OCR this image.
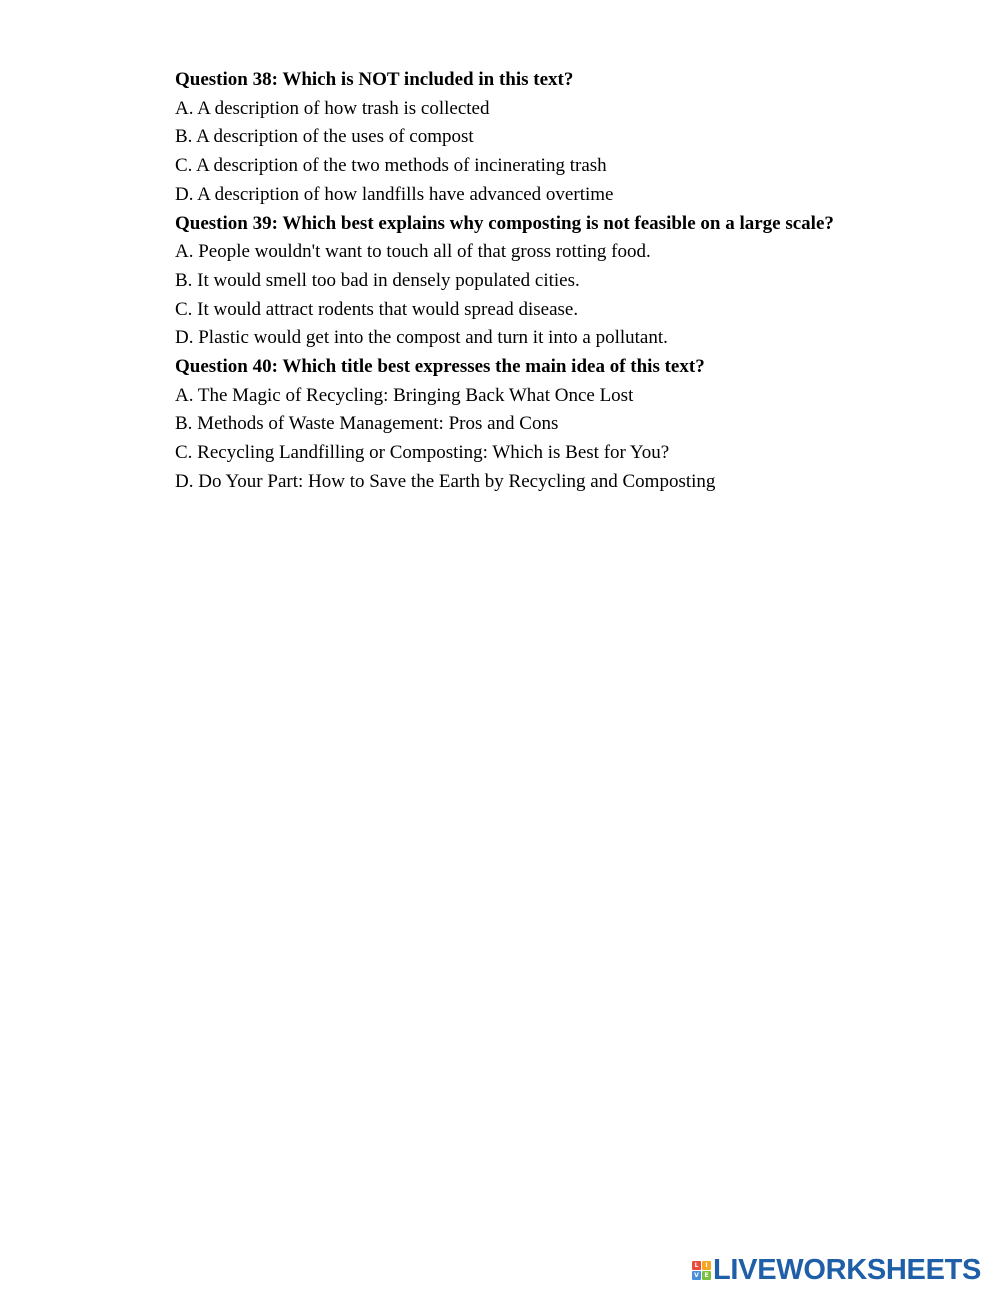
Question 38: Which is NOT included in this text?
A. A description of how trash is collected
B. A description of the uses of compost
C. A description of the two methods of incinerating trash
D. A description of how landfills have advanced overtime
Question 39: Which best explains why composting is not feasible on a large scale?
A. People wouldn't want to touch all of that gross rotting food.
B. It would smell too bad in densely populated cities.
C. It would attract rodents that would spread disease.
D. Plastic would get into the compost and turn it into a pollutant.
Question 40: Which title best expresses the main idea of this text?
A. The Magic of Recycling: Bringing Back What Once Lost
B. Methods of Waste Management: Pros and Cons
C. Recycling Landfilling or Composting: Which is Best for You?
D. Do Your Part: How to Save the Earth by Recycling and Composting
L	I
V E LIVEWORKSHEETS
